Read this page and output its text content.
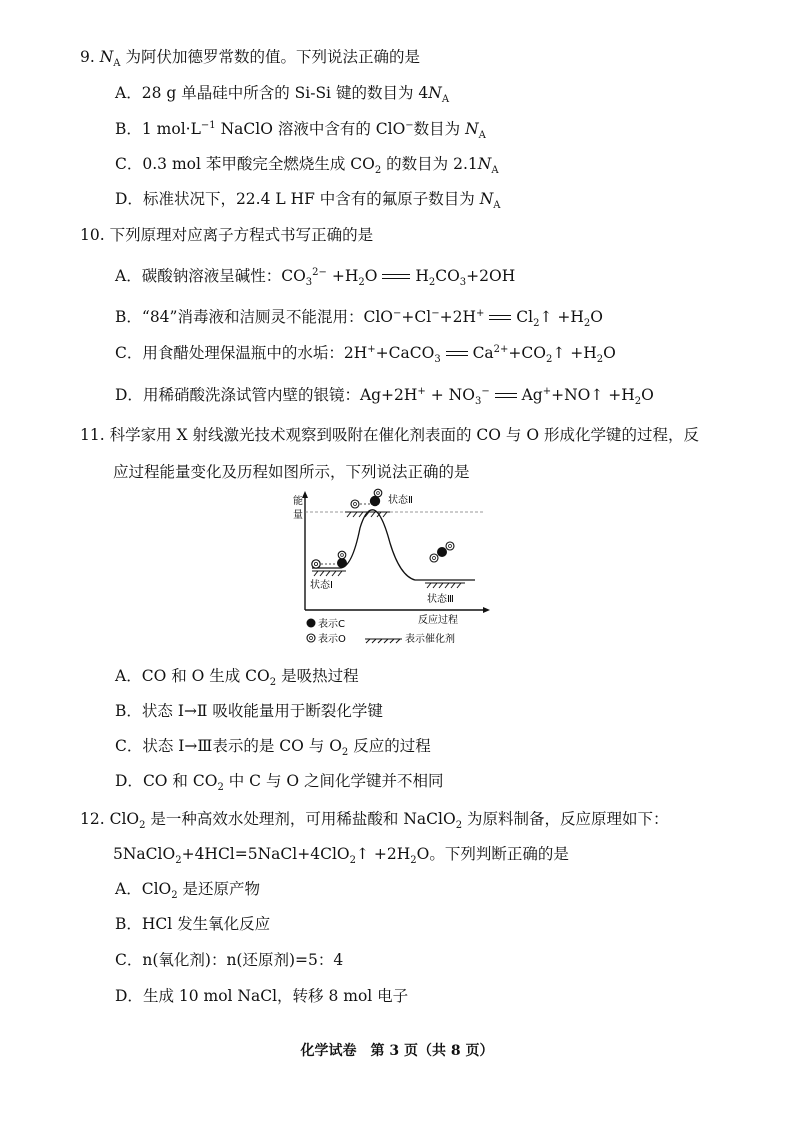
9. $N_A$ 为阿伏加德罗常数的值。下列说法正确的是
A．28 g 单晶硅中所含的 Si-Si 键的数目为 $4N_A$
B．1 $mol\cdot L^{-1}$ NaClO 溶液中含有的 ClO−数目为 $N_A$
C．0.3 mol 苯甲酸完全燃烧生成 $CO_2$ 的数目为 $2.1N_A$
D．标准状况下，22.4 L HF 中含有的氟原子数目为 $N_A$
10. 下列原理对应离子方程式书写正确的是
A．碳酸钠溶液呈碱性：$CO_3^{2-} +H_2O$ $H_2CO_3+2OH$
B．“84”消毒液和洁厕灵不能混用：ClO−+Cl−+2H+ $Cl_2↑ +H_2O$
C．用食醋处理保温瓶中的水垢：2H++CaCO$_3$ $Ca^{2+}+CO_2↑ +H_2O$
D．用稀硝酸洗涤试管内壁的银镜：$Ag+2H^+ + NO_3^-$ Ag++NO↑ $+H_2O$
11. 科学家用 X 射线激光技术观察到吸附在催化剂表面的 CO 与 O 形成化学键的过程，反
应过程能量变化及历程如图所示，下列说法正确的是
能
量
状态Ⅱ
状态Ⅰ
状态Ⅲ
反应过程
表示C
表示O	表示催化剂
A．CO 和 O 生成 $CO_2$ 是吸热过程
B．状态 Ⅰ→Ⅱ 吸收能量用于断裂化学键
C．状态 Ⅰ→Ⅲ表示的是 CO 与 $O_2$ 反应的过程
D．CO 和 $CO_2$ 中 C 与 O 之间化学键并不相同
12. ClO$_2$ 是一种高效水处理剂，可用稀盐酸和 NaClO$_2$ 为原料制备，反应原理如下：
5NaClO$_2$+4HCl=5NaCl+4ClO$_2$↑ $+2H_2O$。下列判断正确的是
A．ClO$_2$ 是还原产物
B．HCl 发生氧化反应
C．n(氧化剂)：n(还原剂)=5：4
D．生成 10 mol NaCl，转移 8 mol 电子
化学试卷　第 3 页（共 8 页）
